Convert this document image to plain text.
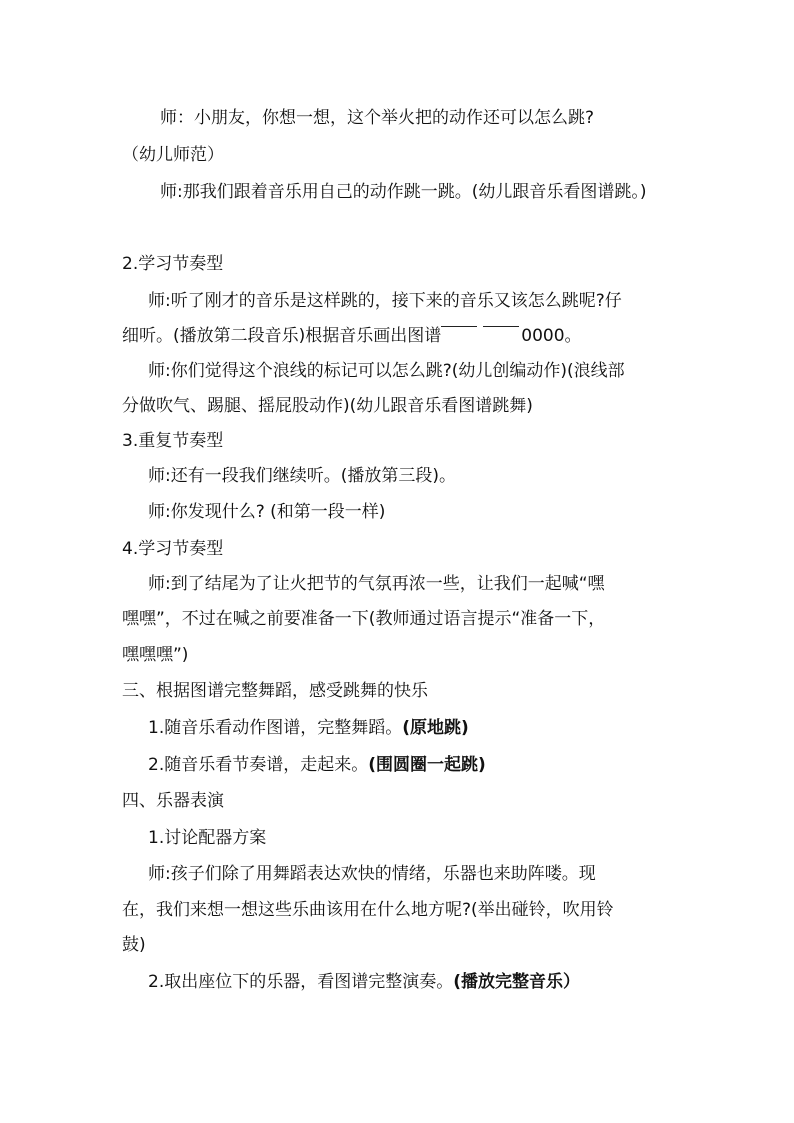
师：小朋友，你想一想，这个举火把的动作还可以怎么跳?
（幼儿师范）
师:那我们跟着音乐用自己的动作跳一跳。(幼儿跟音乐看图谱跳。)
2.学习节奏型
师:听了刚才的音乐是这样跳的，接下来的音乐又该怎么跳呢?仔
细听。(播放第二段音乐)根据音乐画出图谱	0000。
师:你们觉得这个浪线的标记可以怎么跳?(幼儿创编动作)(浪线部
分做吹气、踢腿、摇屁股动作)(幼儿跟音乐看图谱跳舞)
3.重复节奏型
师:还有一段我们继续听。(播放第三段)。
师:你发现什么? (和第一段一样)
4.学习节奏型
师:到了结尾为了让火把节的气氛再浓一些，让我们一起喊“嘿
嘿嘿”，不过在喊之前要准备一下(教师通过语言提示“准备一下，
嘿嘿嘿”)
三、根据图谱完整舞蹈，感受跳舞的快乐
1.随音乐看动作图谱，完整舞蹈。(原地跳)
2.随音乐看节奏谱，走起来。(围圆圈一起跳)
四、乐器表演
1.讨论配器方案
师:孩子们除了用舞蹈表达欢快的情绪，乐器也来助阵喽。现
在，我们来想一想这些乐曲该用在什么地方呢?(举出碰铃，吹用铃
鼓)
2.取出座位下的乐器，看图谱完整演奏。(播放完整音乐）
